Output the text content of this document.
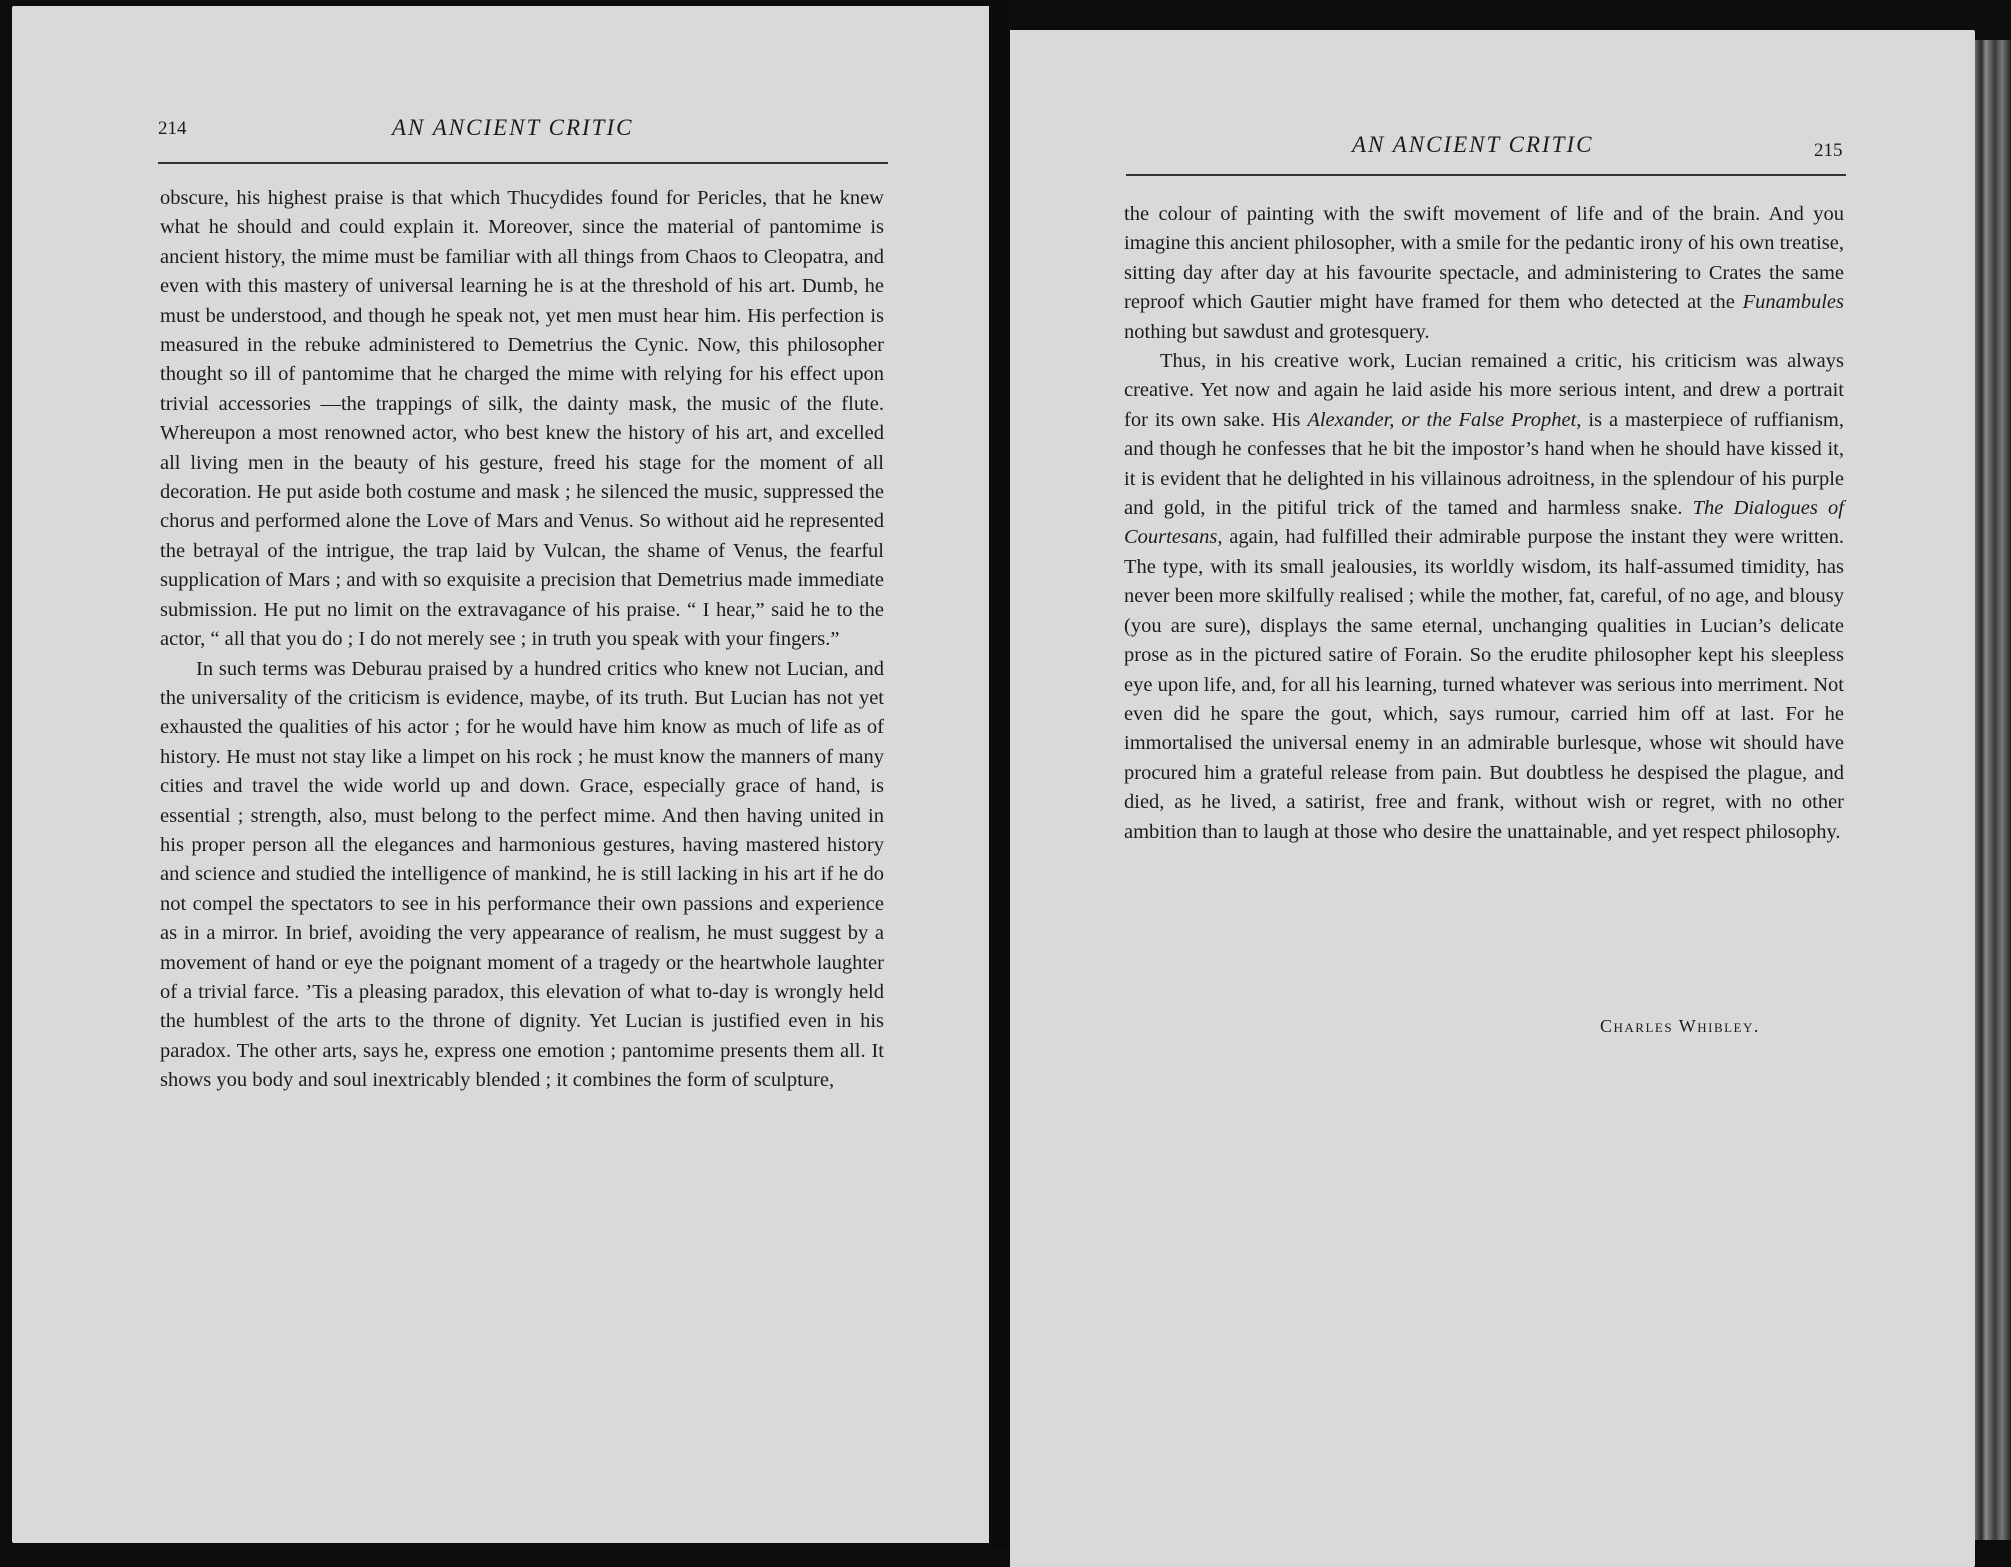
214	AN ANCIENT CRITIC

obscure, his highest praise is that which Thucydides found for Pericles, that he knew what he should and could explain it. Moreover, since the material of pantomime is ancient history, the mime must be familiar with all things from Chaos to Cleopatra, and even with this mastery of universal learning he is at the threshold of his art. Dumb, he must be understood, and though he speak not, yet men must hear him. His perfection is measured in the rebuke administered to Demetrius the Cynic. Now, this philosopher thought so ill of pantomime that he charged the mime with relying for his effect upon trivial accessories —the trappings of silk, the dainty mask, the music of the flute. Whereupon a most renowned actor, who best knew the history of his art, and excelled all living men in the beauty of his gesture, freed his stage for the moment of all decoration. He put aside both costume and mask ; he silenced the music, suppressed the chorus and performed alone the Love of Mars and Venus. So without aid he represented the betrayal of the intrigue, the trap laid by Vulcan, the shame of Venus, the fearful supplication of Mars ; and with so exquisite a precision that Demetrius made immediate submission. He put no limit on the extravagance of his praise. “ I hear,” said he to the actor, “ all that you do ; I do not merely see ; in truth you speak with your fingers.”

In such terms was Deburau praised by a hundred critics who knew not Lucian, and the universality of the criticism is evidence, maybe, of its truth. But Lucian has not yet exhausted the qualities of his actor ; for he would have him know as much of life as of history. He must not stay like a limpet on his rock ; he must know the manners of many cities and travel the wide world up and down. Grace, especially grace of hand, is essential ; strength, also, must belong to the perfect mime. And then having united in his proper person all the elegances and harmonious gestures, having mastered history and science and studied the intelligence of mankind, he is still lacking in his art if he do not compel the spectators to see in his performance their own passions and experience as in a mirror. In brief, avoiding the very appearance of realism, he must suggest by a movement of hand or eye the poignant moment of a tragedy or the heartwhole laughter of a trivial farce. ’Tis a pleasing paradox, this elevation of what to-day is wrongly held the humblest of the arts to the throne of dignity. Yet Lucian is justified even in his paradox. The other arts, says he, express one emotion ; pantomime presents them all. It shows you body and soul inextricably blended ; it combines the form of sculpture,

AN ANCIENT CRITIC	215

the colour of painting with the swift movement of life and of the brain. And you imagine this ancient philosopher, with a smile for the pedantic irony of his own treatise, sitting day after day at his favourite spectacle, and administering to Crates the same reproof which Gautier might have framed for them who detected at the Funambules nothing but sawdust and grotesquery.

Thus, in his creative work, Lucian remained a critic, his criticism was always creative. Yet now and again he laid aside his more serious intent, and drew a portrait for its own sake. His Alexander, or the False Prophet, is a masterpiece of ruffianism, and though he confesses that he bit the impostor’s hand when he should have kissed it, it is evident that he delighted in his villainous adroitness, in the splendour of his purple and gold, in the pitiful trick of the tamed and harmless snake. The Dialogues of Courtesans, again, had fulfilled their admirable purpose the instant they were written. The type, with its small jealousies, its worldly wisdom, its half-assumed timidity, has never been more skilfully realised ; while the mother, fat, careful, of no age, and blousy (you are sure), displays the same eternal, unchanging qualities in Lucian’s delicate prose as in the pictured satire of Forain. So the erudite philosopher kept his sleepless eye upon life, and, for all his learning, turned whatever was serious into merriment. Not even did he spare the gout, which, says rumour, carried him off at last. For he immortalised the universal enemy in an admirable burlesque, whose wit should have procured him a grateful release from pain. But doubtless he despised the plague, and died, as he lived, a satirist, free and frank, without wish or regret, with no other ambition than to laugh at those who desire the unattainable, and yet respect philosophy.

Charles Whibley.
